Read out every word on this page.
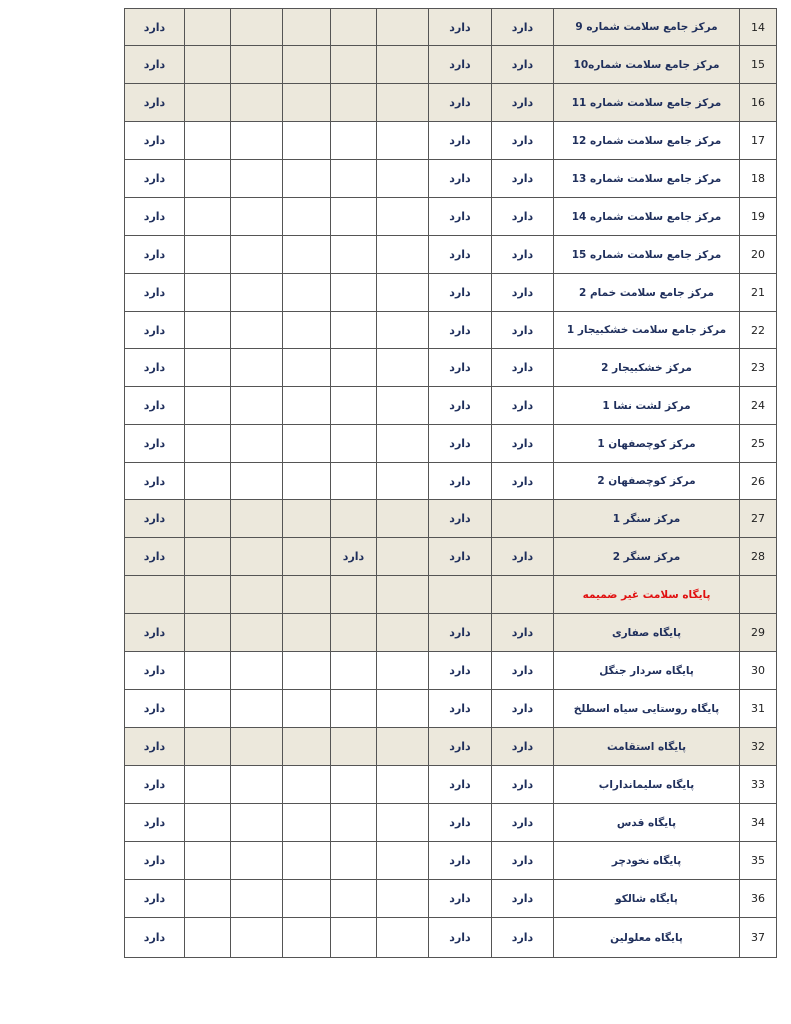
دارد						دارد	دارد	مرکز جامع سلامت شماره 9	14
دارد						دارد	دارد	مرکز جامع سلامت شماره10	15
دارد						دارد	دارد	مرکز جامع سلامت شماره 11	16
دارد						دارد	دارد	مرکز جامع سلامت شماره 12	17
دارد						دارد	دارد	مرکز جامع سلامت شماره 13	18
دارد						دارد	دارد	مرکز جامع سلامت شماره 14	19
دارد						دارد	دارد	مرکز جامع سلامت شماره 15	20
دارد						دارد	دارد	مرکز جامع سلامت خمام 2	21
دارد						دارد	دارد	مرکز جامع سلامت خشکبیجار 1	22
دارد						دارد	دارد	مرکز خشکبیجار 2	23
دارد						دارد	دارد	مرکز لشت نشا 1	24
دارد						دارد	دارد	مرکز کوچصفهان 1	25
دارد						دارد	دارد	مرکز کوچصفهان 2	26
دارد						دارد		مرکز سنگر 1	27
دارد				دارد		دارد	دارد	مرکز سنگر 2	28
								پایگاه سلامت غیر ضمیمه	
دارد						دارد	دارد	پایگاه صفاری	29
دارد						دارد	دارد	پایگاه سردار جنگل	30
دارد						دارد	دارد	پایگاه روستایی سیاه اسطلخ	31
دارد						دارد	دارد	پایگاه استقامت	32
دارد						دارد	دارد	پایگاه سلیمانداراب	33
دارد						دارد	دارد	پایگاه قدس	34
دارد						دارد	دارد	پایگاه نخودچر	35
دارد						دارد	دارد	پایگاه شالکو	36
دارد						دارد	دارد	پایگاه معلولین	37
